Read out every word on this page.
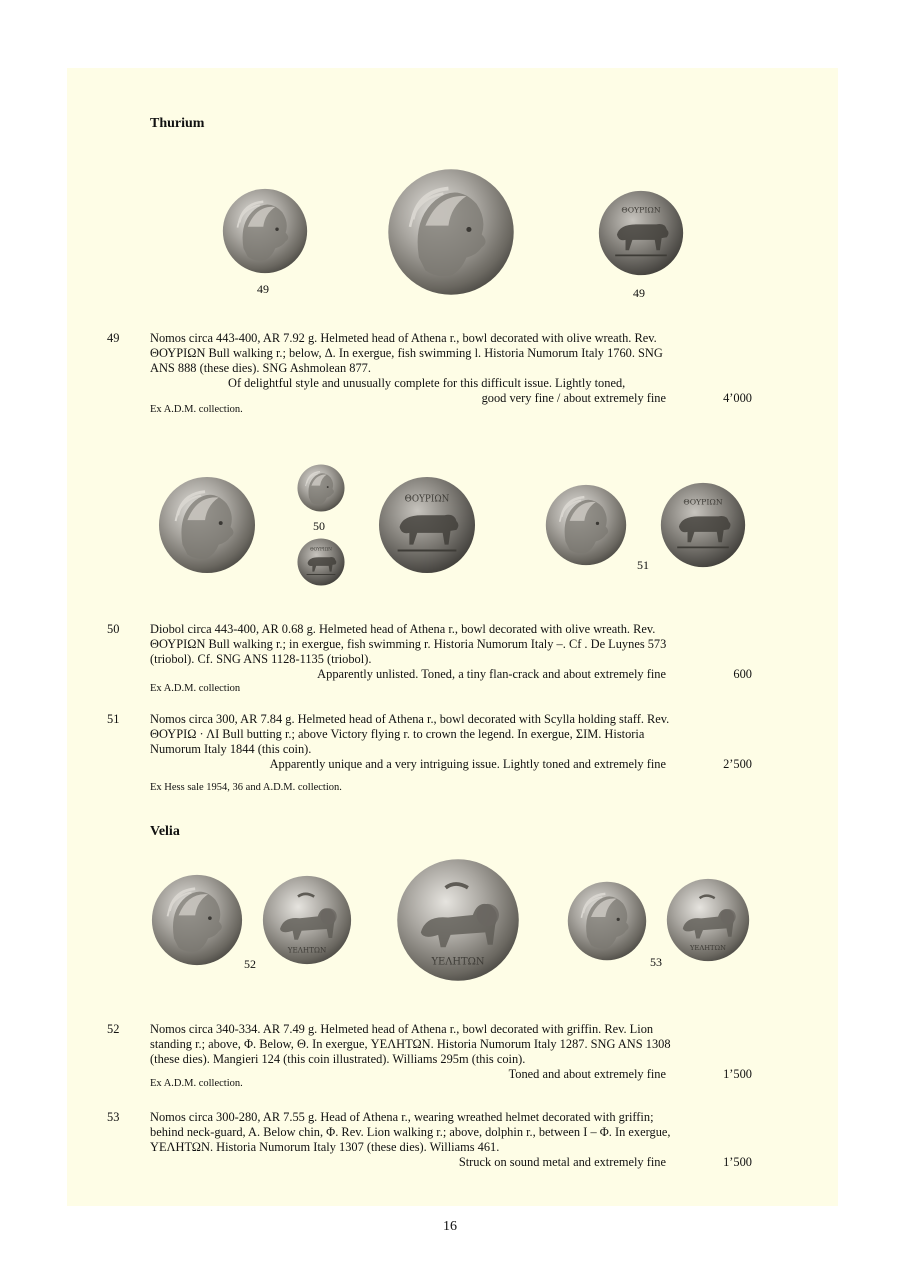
Thurium
49	49
49 Nomos circa 443-400, AR 7.92 g. Helmeted head of Athena r., bowl decorated with olive wreath. Rev.
ΘΟΥΡΙΩΝ Bull walking r.; below, Δ. In exergue, fish swimming l. Historia Numorum Italy 1760. SNG
ANS 888 (these dies). SNG Ashmolean 877.
Of delightful style and unusually complete for this difficult issue. Lightly toned,
good very fine / about extremely fine	4’000
Ex A.D.M. collection.
50
51
50 Diobol circa 443-400, AR 0.68 g. Helmeted head of Athena r., bowl decorated with olive wreath. Rev.
ΘΟΥΡΙΩΝ Bull walking r.; in exergue, fish swimming r. Historia Numorum Italy –. Cf . De Luynes 573
(triobol). Cf. SNG ANS 1128-1135 (triobol).
Apparently unlisted. Toned, a tiny flan-crack and about extremely fine	600
Ex A.D.M. collection
51 Nomos circa 300, AR 7.84 g. Helmeted head of Athena r., bowl decorated with Scylla holding staff. Rev.
ΘΟΥΡΙΩ · ΛΙ Bull butting r.; above Victory flying r. to crown the legend. In exergue, ΣΙΜ. Historia
Numorum Italy 1844 (this coin).
Apparently unique and a very intriguing issue. Lightly toned and extremely fine	2’500
Ex Hess sale 1954, 36 and A.D.M. collection.
Velia
52	53
52 Nomos circa 340-334. AR 7.49 g. Helmeted head of Athena r., bowl decorated with griffin. Rev. Lion
standing r.; above, Φ. Below, Θ. In exergue, ΥΕΛΗΤΩΝ. Historia Numorum Italy 1287. SNG ANS 1308
(these dies). Mangieri 124 (this coin illustrated). Williams 295m (this coin).
Toned and about extremely fine	1’500
Ex A.D.M. collection.
53 Nomos circa 300-280, AR 7.55 g. Head of Athena r., wearing wreathed helmet decorated with griffin;
behind neck-guard, A. Below chin, Φ. Rev. Lion walking r.; above, dolphin r., between I – Φ. In exergue,
ΥΕΛΗΤΩΝ. Historia Numorum Italy 1307 (these dies). Williams 461.
Struck on sound metal and extremely fine	1’500
16
